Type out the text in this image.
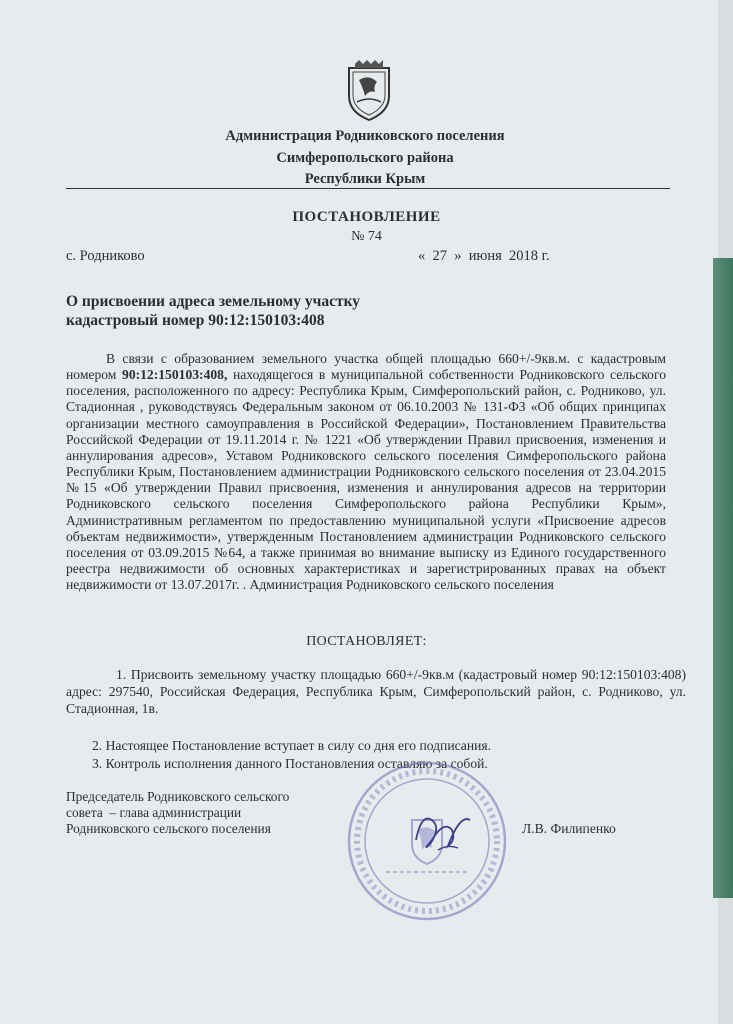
Администрация Родниковского поселения
Симферопольского района
Республики Крым
ПОСТАНОВЛЕНИЕ
№ 74
с. Родниково	«  27  »  июня  2018 г.
О присвоении адреса земельному участку
кадастровый номер 90:12:150103:408
В связи с образованием земельного участка общей площадью 660+/-9кв.м. с кадастровым номером 90:12:150103:408, находящегося в муниципальной собственности Родниковского сельского поселения, расположенного по адресу: Республика Крым, Симферопольский район, с. Родниково, ул. Стадионная , руководствуясь Федеральным законом от 06.10.2003 № 131-ФЗ «Об общих принципах организации местного самоуправления в Российской Федерации», Постановлением Правительства Российской Федерации от 19.11.2014 г. № 1221 «Об утверждении Правил присвоения, изменения и аннулирования адресов», Уставом Родниковского сельского поселения Симферопольского района Республики Крым, Постановлением администрации Родниковского сельского поселения от 23.04.2015 №15 «Об утверждении Правил присвоения, изменения и аннулирования адресов на территории Родниковского сельского поселения Симферопольского района Республики Крым», Административным регламентом по предоставлению муниципальной услуги «Присвоение адресов объектам недвижимости», утвержденным Постановлением администрации Родниковского сельского поселения от 03.09.2015 №64, а также принимая во внимание выписку из Единого государственного реестра недвижимости об основных характеристиках и зарегистрированных правах на объект недвижимости от 13.07.2017г. . Администрация Родниковского сельского поселения
ПОСТАНОВЛЯЕТ:
1. Присвоить земельному участку площадью 660+/-9кв.м (кадастровый номер 90:12:150103:408) адрес: 297540, Российская Федерация, Республика Крым, Симферопольский район, с. Родниково, ул. Стадионная, 1в.
2. Настоящее Постановление вступает в силу со дня его подписания.
3. Контроль исполнения данного Постановления оставляю за собой.
Председатель Родниковского сельского
совета  – глава администрации
Родниковского сельского поселения	Л.В. Филипенко
